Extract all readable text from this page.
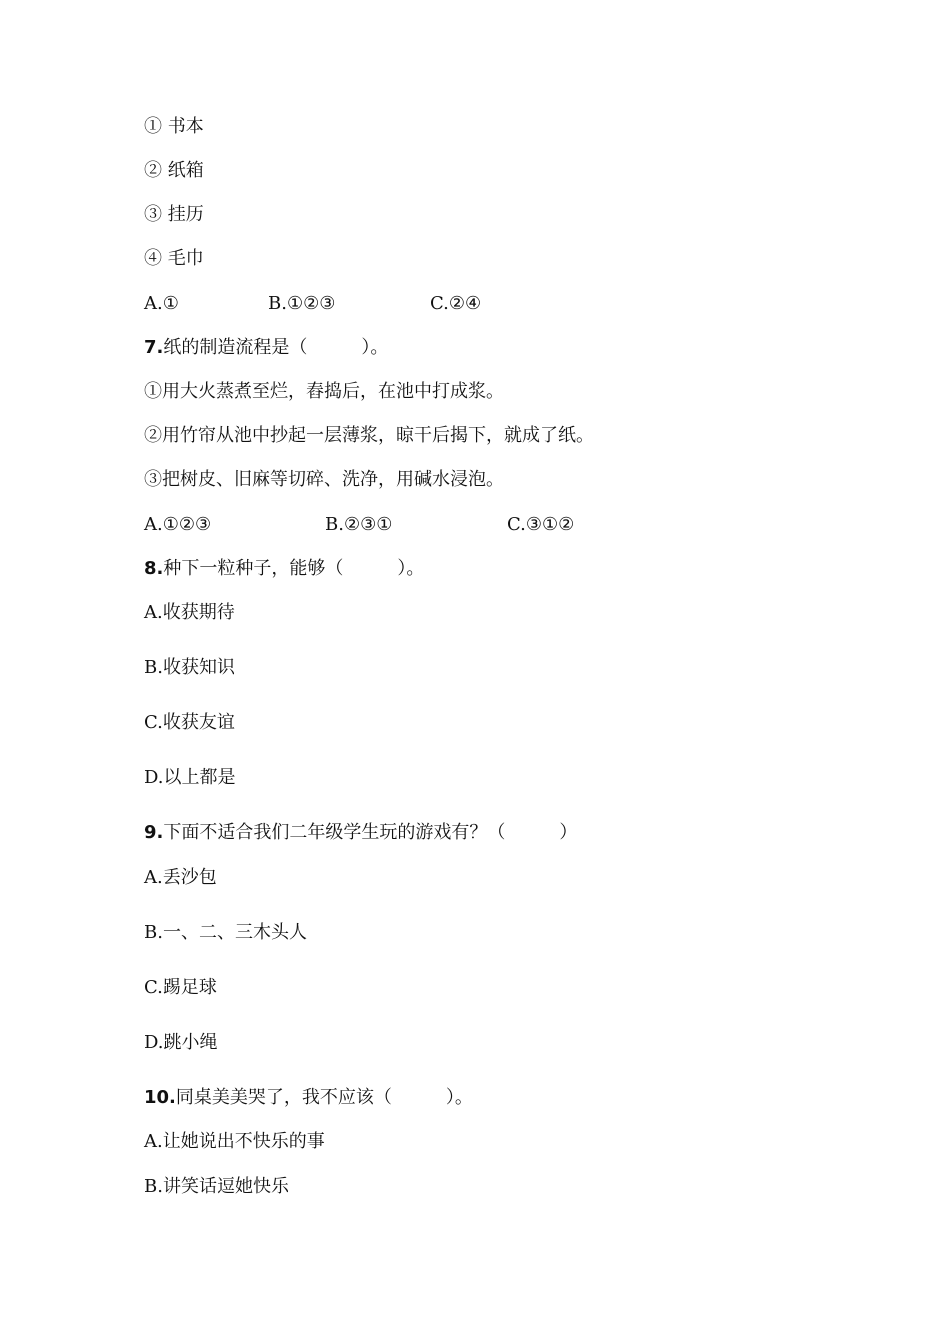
① 书本
② 纸箱
③ 挂历
④ 毛巾
A.①	B.①②③	C.②④
7.纸的制造流程是（　　　）。
①用大火蒸煮至烂，舂捣后，在池中打成浆。
②用竹帘从池中抄起一层薄浆，晾干后揭下，就成了纸。
③把树皮、旧麻等切碎、洗净，用碱水浸泡。
A.①②③	B.②③①	C.③①②
8.种下一粒种子，能够（　　　）。
A.收获期待
B.收获知识
C.收获友谊
D.以上都是
9.下面不适合我们二年级学生玩的游戏有？（　　　）
A.丢沙包
B.一、二、三木头人
C.踢足球
D.跳小绳
10.同桌美美哭了，我不应该（　　　）。
A.让她说出不快乐的事
B.讲笑话逗她快乐
